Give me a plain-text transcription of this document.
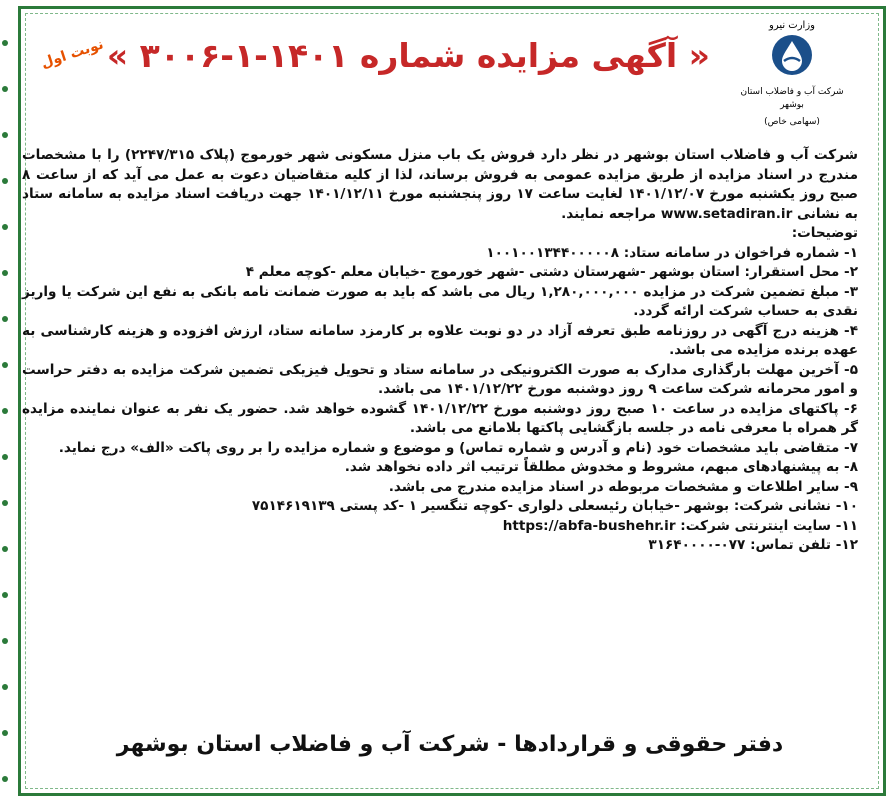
نوبت اول « آگهی مزایده شماره ۱۴۰۱-۱-۳۰۰۶ »
وزارت نیرو
شرکت آب و فاضلاب استان بوشهر
(سهامی خاص)

شرکت آب و فاضلاب استان بوشهر در نظر دارد فروش یک باب منزل مسکونی شهر خورموج (پلاک ۲۲۴۷/۳۱۵) را با مشخصات مندرج در اسناد مزایده از طریق مزایده عمومی به فروش برساند، لذا از کلیه متقاضیان دعوت به عمل می آید که از ساعت ۸ صبح روز یکشنبه مورخ ۱۴۰۱/۱۲/۰۷ لغایت ساعت ۱۷ روز پنجشنبه مورخ ۱۴۰۱/۱۲/۱۱ جهت دریافت اسناد مزایده به سامانه ستاد به نشانی www.setadiran.ir مراجعه نمایند.

توضیحات:

۱- شماره فراخوان در سامانه ستاد: ۱۰۰۱۰۰۱۳۴۴۰۰۰۰۰۸

۲- محل استقرار: استان بوشهر -شهرستان دشتی -شهر خورموج -خیابان معلم -کوچه معلم ۴

۳- مبلغ تضمین شرکت در مزایده ۱,۲۸۰,۰۰۰,۰۰۰ ریال می باشد که باید به صورت ضمانت نامه بانکی به نفع این شرکت یا واریز نقدی به حساب شرکت ارائه گردد.

۴- هزینه درج آگهی در روزنامه طبق تعرفه آزاد در دو نوبت علاوه بر کارمزد سامانه ستاد، ارزش افزوده و هزینه کارشناسی به عهده برنده مزایده می باشد.

۵- آخرین مهلت بارگذاری مدارک به صورت الکترونیکی در سامانه ستاد و تحویل فیزیکی تضمین شرکت مزایده به دفتر حراست و امور محرمانه شرکت ساعت ۹ روز دوشنبه مورخ ۱۴۰۱/۱۲/۲۲ می باشد.

۶- پاکتهای مزایده در ساعت ۱۰ صبح روز دوشنبه مورخ ۱۴۰۱/۱۲/۲۲ گشوده خواهد شد. حضور یک نفر به عنوان نماینده مزایده گر همراه با معرفی نامه در جلسه بازگشایی پاکتها بلامانع می باشد.

۷- متقاضی باید مشخصات خود (نام و آدرس و شماره تماس) و موضوع و شماره مزایده را بر روی پاکت «الف» درج نماید.

۸- به پیشنهادهای مبهم، مشروط و مخدوش مطلقاً ترتیب اثر داده نخواهد شد.

۹- سایر اطلاعات و مشخصات مربوطه در اسناد مزایده مندرج می باشد.

۱۰- نشانی شرکت: بوشهر -خیابان رئیسعلی دلواری -کوچه تنگسیر ۱ -کد پستی ۷۵۱۴۶۱۹۱۳۹

۱۱- سایت اینترنتی شرکت: https://abfa-bushehr.ir

۱۲- تلفن تماس: ۰۷۷-۳۱۶۴۰۰۰۰

دفتر حقوقی و قراردادها - شرکت آب و فاضلاب استان بوشهر
